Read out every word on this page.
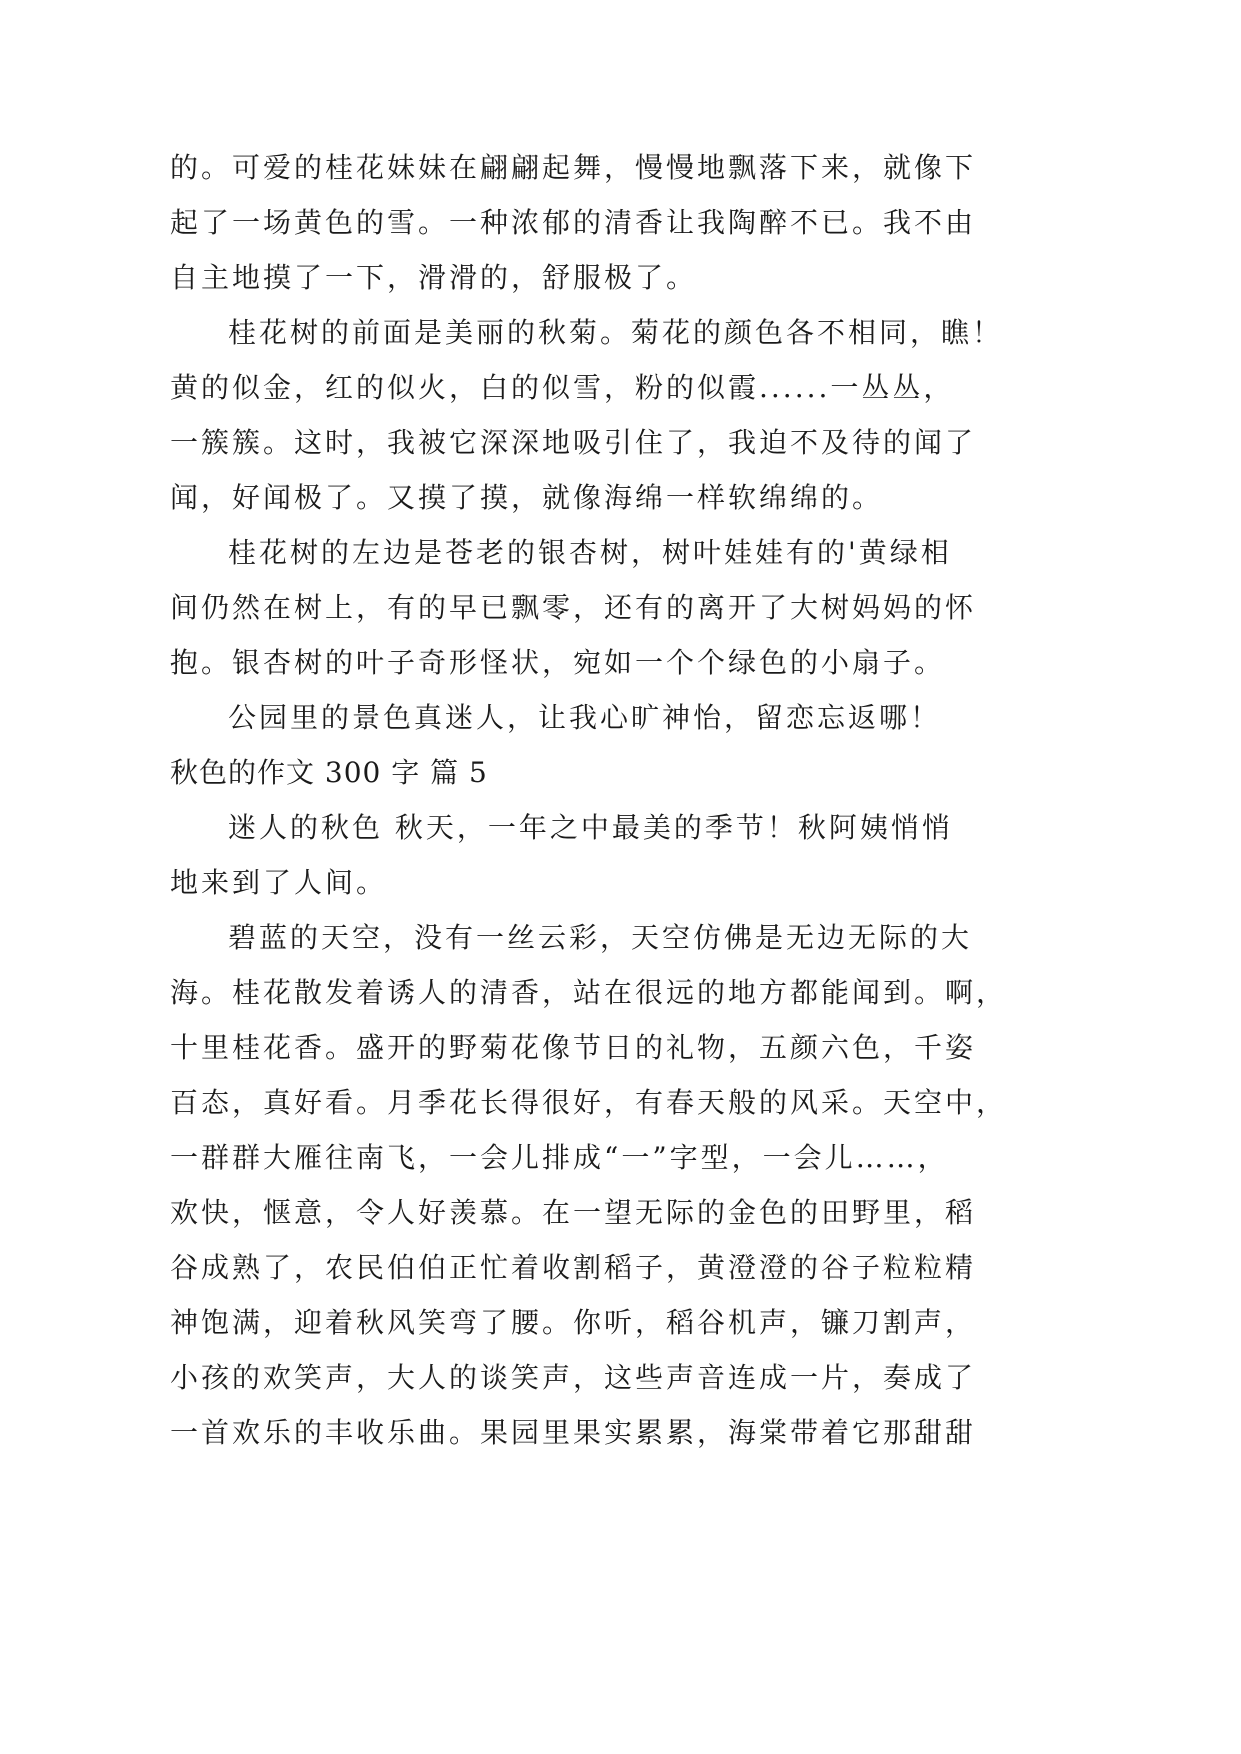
的。可爱的桂花妹妹在翩翩起舞，慢慢地飘落下来，就像下
起了一场黄色的雪。一种浓郁的清香让我陶醉不已。我不由
自主地摸了一下，滑滑的，舒服极了。
桂花树的前面是美丽的秋菊。菊花的颜色各不相同，瞧！
黄的似金，红的似火，白的似雪，粉的似霞......一丛丛，
一簇簇。这时，我被它深深地吸引住了，我迫不及待的闻了
闻，好闻极了。又摸了摸，就像海绵一样软绵绵的。
桂花树的左边是苍老的银杏树，树叶娃娃有的'黄绿相
间仍然在树上，有的早已飘零，还有的离开了大树妈妈的怀
抱。银杏树的叶子奇形怪状，宛如一个个绿色的小扇子。
公园里的景色真迷人，让我心旷神怡，留恋忘返哪！
秋色的作文 300 字 篇 5
迷人的秋色 秋天，一年之中最美的季节！秋阿姨悄悄
地来到了人间。
碧蓝的天空，没有一丝云彩，天空仿佛是无边无际的大
海。桂花散发着诱人的清香，站在很远的地方都能闻到。啊，
十里桂花香。盛开的野菊花像节日的礼物，五颜六色，千姿
百态，真好看。月季花长得很好，有春天般的风采。天空中，
一群群大雁往南飞，一会儿排成“一”字型，一会儿……，
欢快，惬意，令人好羡慕。在一望无际的金色的田野里，稻
谷成熟了，农民伯伯正忙着收割稻子，黄澄澄的谷子粒粒精
神饱满，迎着秋风笑弯了腰。你听，稻谷机声，镰刀割声，
小孩的欢笑声，大人的谈笑声，这些声音连成一片，奏成了
一首欢乐的丰收乐曲。果园里果实累累，海棠带着它那甜甜
